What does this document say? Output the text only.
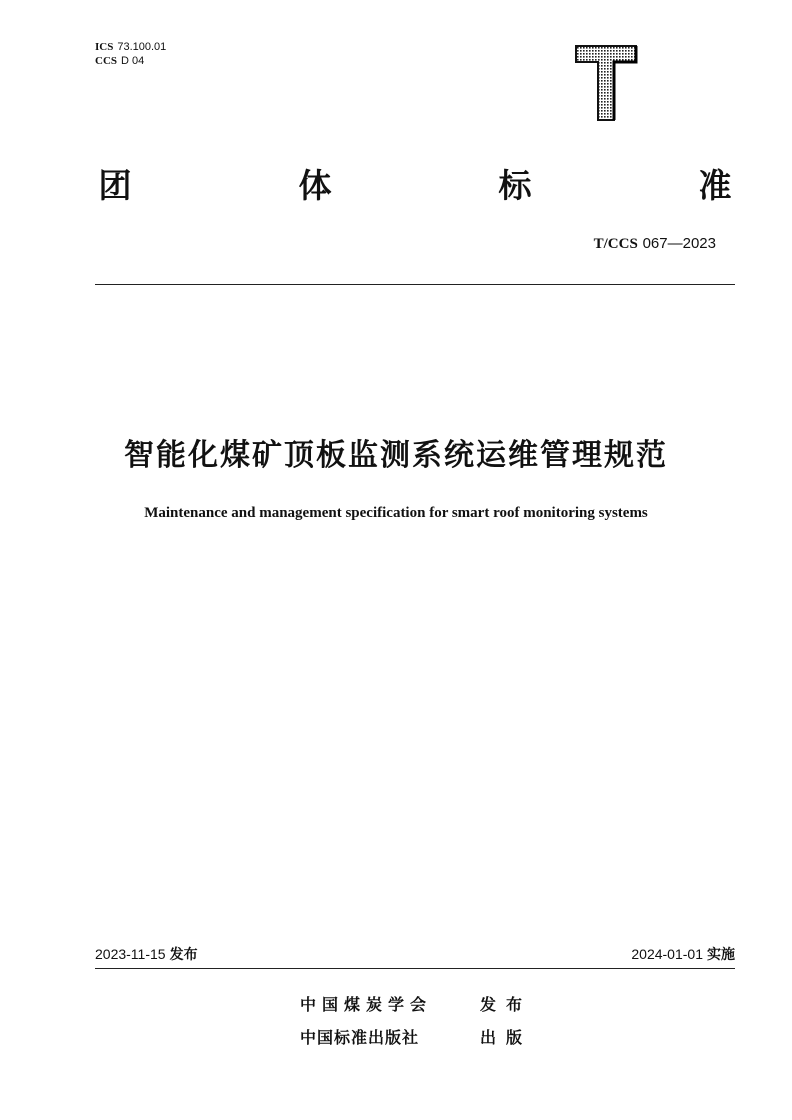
ICS 73.100.01
CCS D 04
团	体	标	准
T/CCS 067—2023
智能化煤矿顶板监测系统运维管理规范
Maintenance and management specification for smart roof monitoring systems
2023-11-15 发布	2024-01-01 实施
中国煤炭学会	发布
中国标准出版社	出版
